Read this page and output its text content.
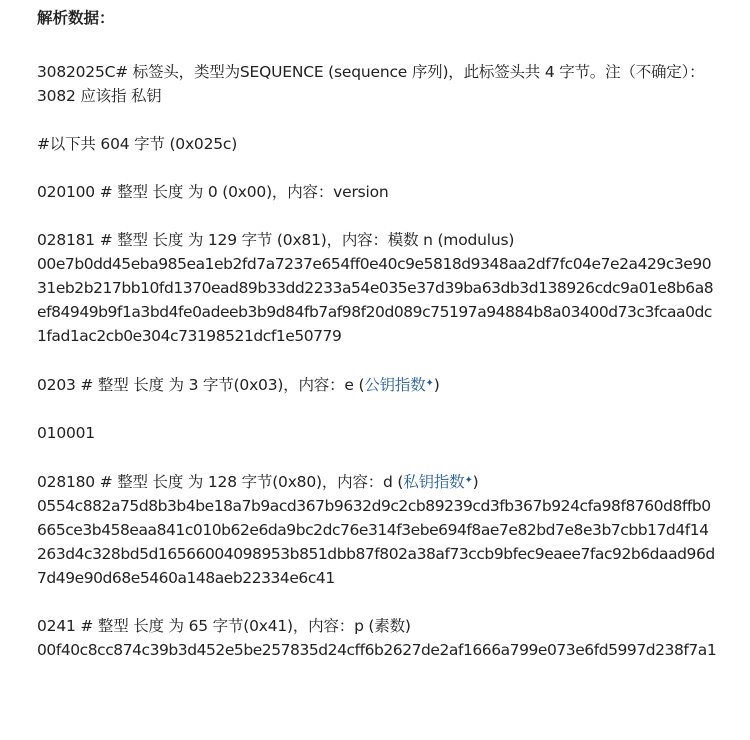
解析数据：

3082025C# 标签头，类型为SEQUENCE (sequence 序列)，此标签头共 4 字节。注（不确定）：
3082 应该指 私钥

#以下共 604 字节 (0x025c)

020100 # 整型 长度 为 0 (0x00)，内容：version

028181 # 整型 长度 为 129 字节 (0x81)，内容：模数 n (modulus)

00e7b0dd45eba985ea1eb2fd7a7237e654ff0e40c9e5818d9348aa2df7fc04e7e2a429c3e90
31eb2b217bb10fd1370ead89b33dd2233a54e035e37d39ba63db3d138926cdc9a01e8b6a8
ef84949b9f1a3bd4fe0adeeb3b9d84fb7af98f20d089c75197a94884b8a03400d73c3fcaa0dc
1fad1ac2cb0e304c73198521dcf1e50779

0203 # 整型 长度 为 3 字节(0x03)，内容：e (公钥指数✦)

010001

028180 # 整型 长度 为 128 字节(0x80)，内容：d (私钥指数✦)

0554c882a75d8b3b4be18a7b9acd367b9632d9c2cb89239cd3fb367b924cfa98f8760d8ffb0
665ce3b458eaa841c010b62e6da9bc2dc76e314f3ebe694f8ae7e82bd7e8e3b7cbb17d4f14
263d4c328bd5d16566004098953b851dbb87f802a38af73ccb9bfec9eaee7fac92b6daad96d
7d49e90d68e5460a148aeb22334e6c41

0241 # 整型 长度 为 65 字节(0x41)，内容：p (素数)

00f40c8cc874c39b3d452e5be257835d24cff6b2627de2af1666a799e073e6fd5997d238f7a1
